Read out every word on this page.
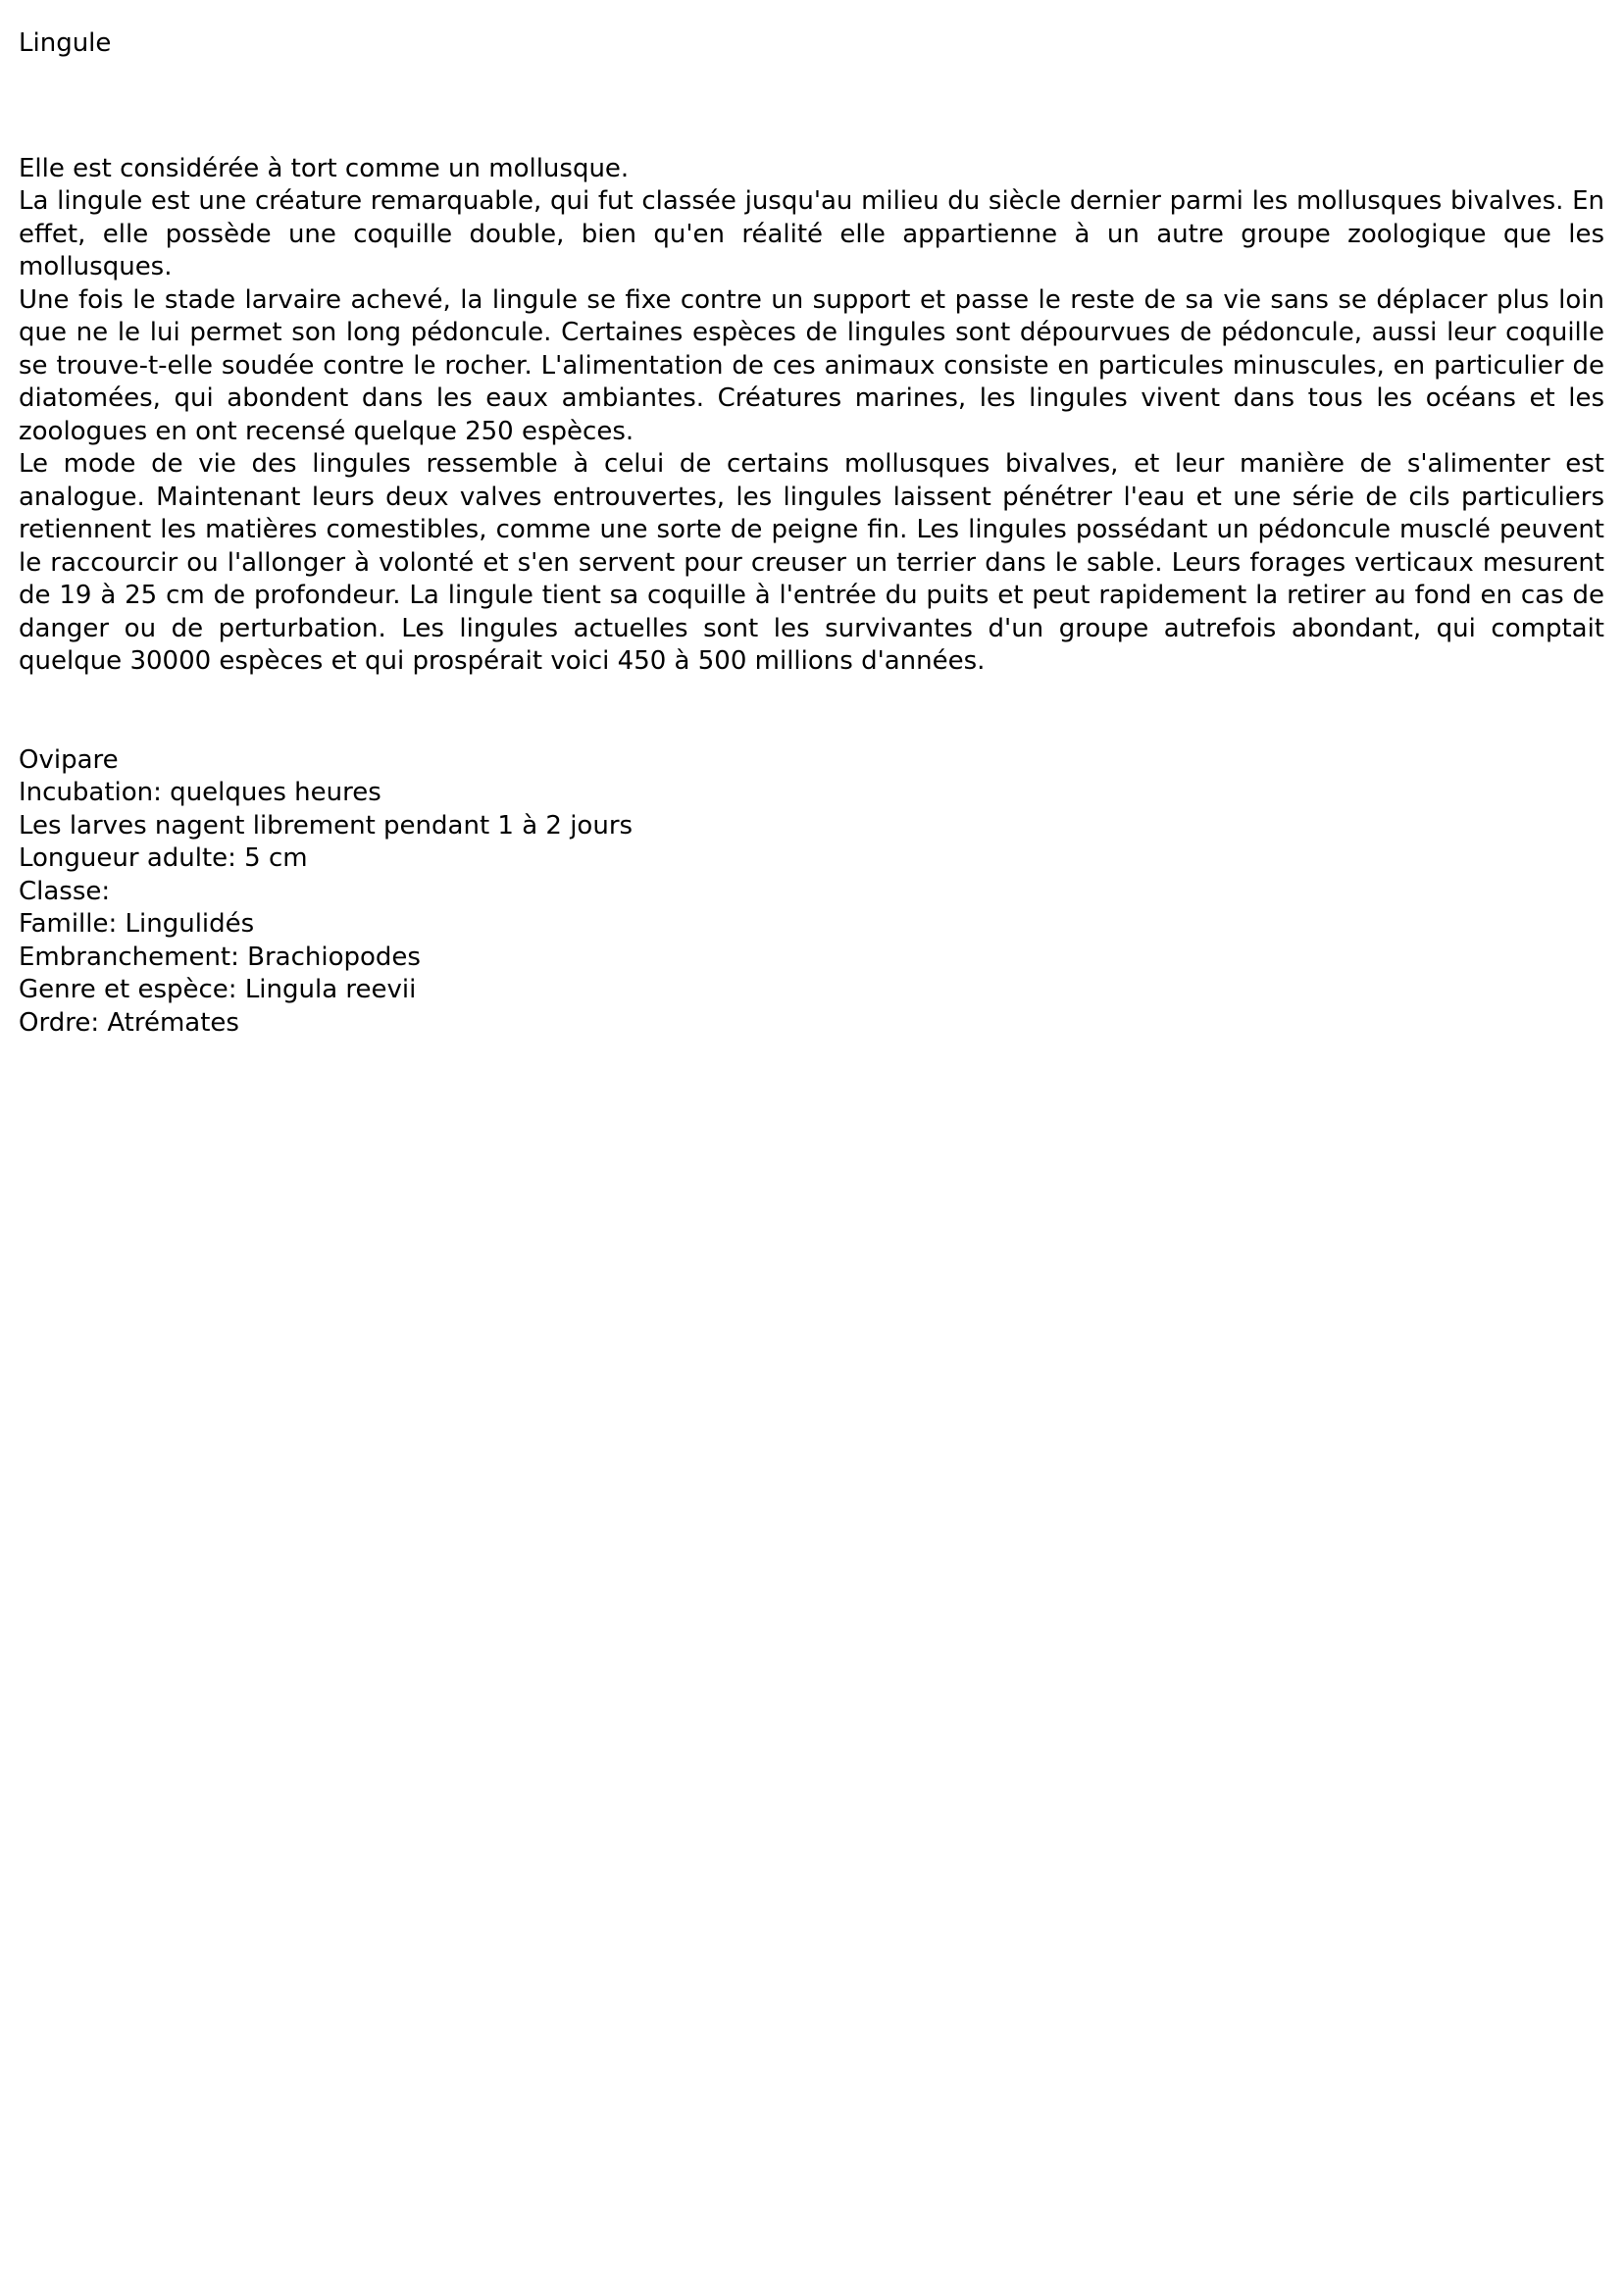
Lingule

Elle est considérée à tort comme un mollusque.

La lingule est une créature remarquable, qui fut classée jusqu'au milieu du siècle dernier parmi les mollusques bivalves. En effet, elle possède une coquille double, bien qu'en réalité elle appartienne à un autre groupe zoologique que les mollusques.

Une fois le stade larvaire achevé, la lingule se fixe contre un support et passe le reste de sa vie sans se déplacer plus loin que ne le lui permet son long pédoncule. Certaines espèces de lingules sont dépourvues de pédoncule, aussi leur coquille se trouve-t-elle soudée contre le rocher. L'alimentation de ces animaux consiste en particules minuscules, en particulier de diatomées, qui abondent dans les eaux ambiantes. Créatures marines, les lingules vivent dans tous les océans et les zoologues en ont recensé quelque 250 espèces.

Le mode de vie des lingules ressemble à celui de certains mollusques bivalves, et leur manière de s'alimenter est analogue. Maintenant leurs deux valves entrouvertes, les lingules laissent pénétrer l'eau et une série de cils particuliers retiennent les matières comestibles, comme une sorte de peigne fin. Les lingules possédant un pédoncule musclé peuvent le raccourcir ou l'allonger à volonté et s'en servent pour creuser un terrier dans le sable. Leurs forages verticaux mesurent de 19 à 25 cm de profondeur. La lingule tient sa coquille à l'entrée du puits et peut rapidement la retirer au fond en cas de danger ou de perturbation. Les lingules actuelles sont les survivantes d'un groupe autrefois abondant, qui comptait quelque 30000 espèces et qui prospérait voici 450 à 500 millions d'années.

Ovipare
Incubation: quelques heures
Les larves nagent librement pendant 1 à 2 jours
Longueur adulte: 5 cm
Classe:
Famille: Lingulidés
Embranchement: Brachiopodes
Genre et espèce: Lingula reevii
Ordre: Atrémates
